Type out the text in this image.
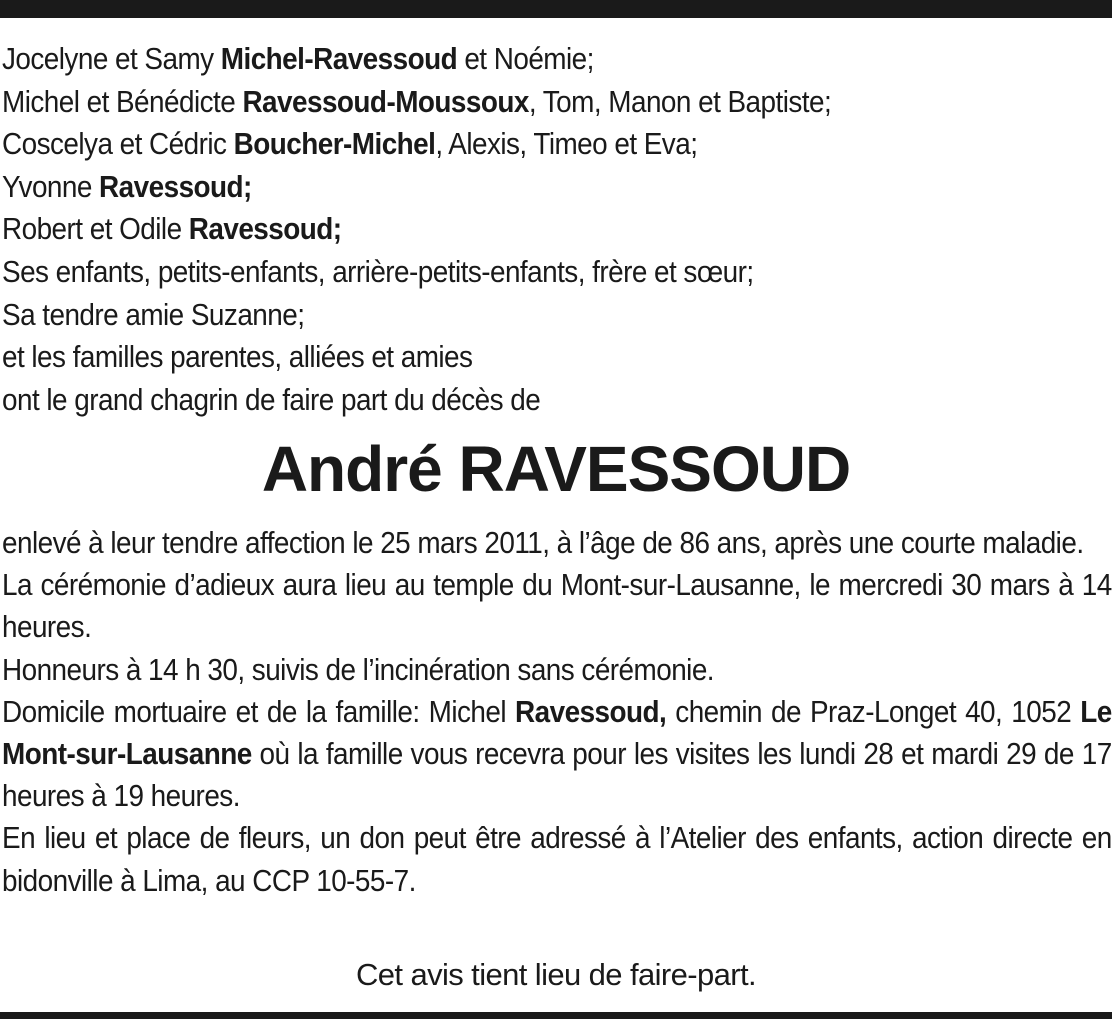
Jocelyne et Samy Michel-Ravessoud et Noémie;
Michel et Bénédicte Ravessoud-Moussoux, Tom, Manon et Baptiste;
Coscelya et Cédric Boucher-Michel, Alexis, Timeo et Eva;
Yvonne Ravessoud;
Robert et Odile Ravessoud;
Ses enfants, petits-enfants, arrière-petits-enfants, frère et sœur;
Sa tendre amie Suzanne;
et les familles parentes, alliées et amies
ont le grand chagrin de faire part du décès de
André RAVESSOUD

enlevé à leur tendre affection le 25 mars 2011, à l’âge de 86 ans, après une courte maladie.

La cérémonie d’adieux aura lieu au temple du Mont-sur-Lausanne, le mercredi 30 mars à 14 heures.

Honneurs à 14 h 30, suivis de l’incinération sans cérémonie.

Domicile mortuaire et de la famille: Michel Ravessoud, chemin de Praz-Longet 40, 1052 Le Mont-sur-Lausanne où la famille vous recevra pour les visites les lundi 28 et mardi 29 de 17 heures à 19 heures.

En lieu et place de fleurs, un don peut être adressé à l’Atelier des enfants, action directe en bidonville à Lima, au CCP 10-55-7.

Cet avis tient lieu de faire-part.
